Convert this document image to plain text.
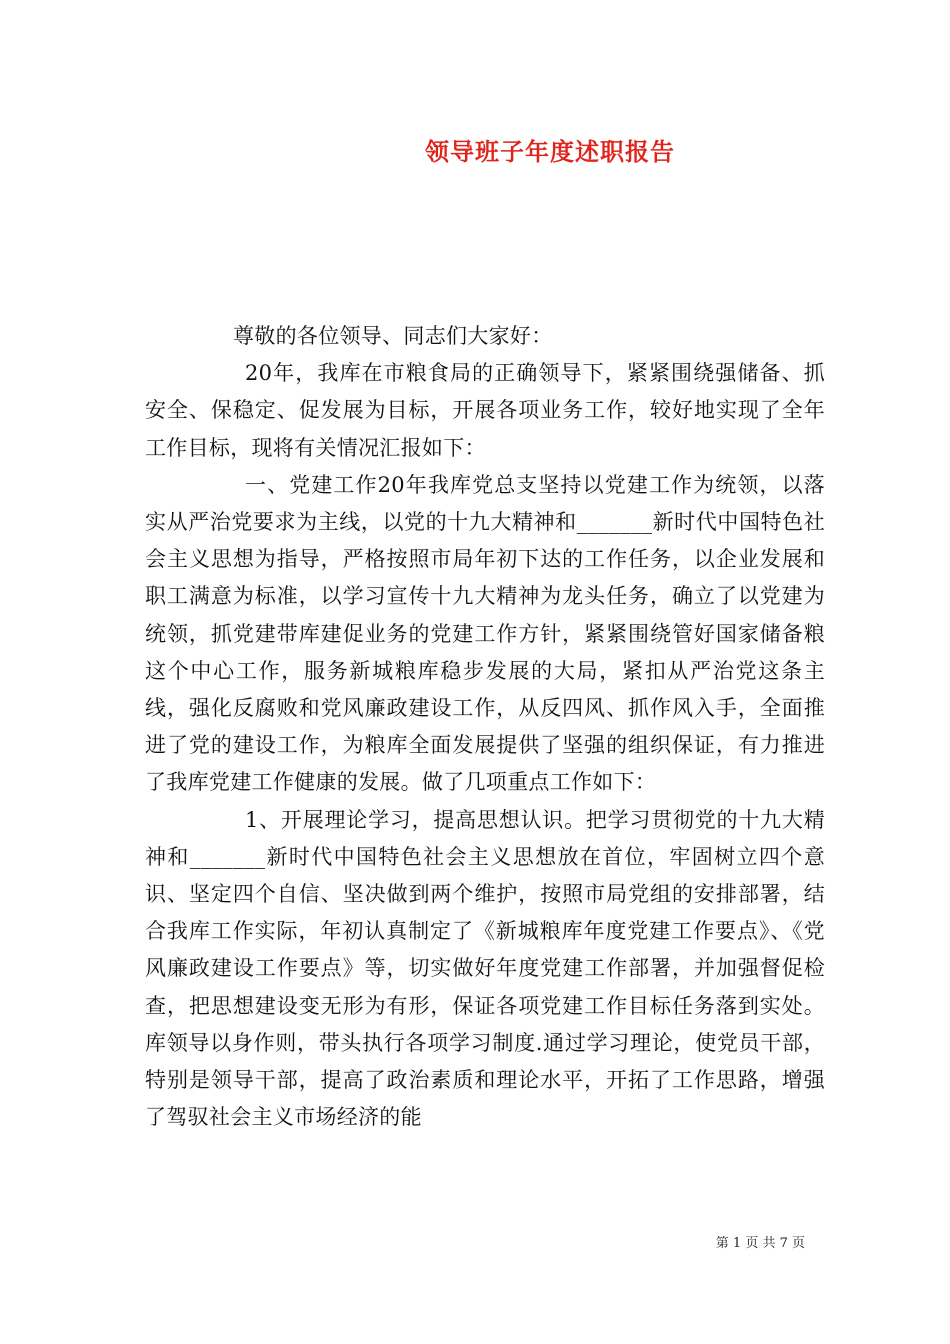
领导班子年度述职报告

尊敬的各位领导、同志们大家好：

20年，我库在市粮食局的正确领导下，紧紧围绕强储备、抓安全、保稳定、促发展为目标，开展各项业务工作，较好地实现了全年工作目标，现将有关情况汇报如下：

一、党建工作20年我库党总支坚持以党建工作为统领，以落实从严治党要求为主线，以党的十九大精神和_______新时代中国特色社会主义思想为指导，严格按照市局年初下达的工作任务，以企业发展和职工满意为标准，以学习宣传十九大精神为龙头任务，确立了以党建为统领，抓党建带库建促业务的党建工作方针，紧紧围绕管好国家储备粮这个中心工作，服务新城粮库稳步发展的大局，紧扣从严治党这条主线，强化反腐败和党风廉政建设工作，从反四风、抓作风入手，全面推进了党的建设工作，为粮库全面发展提供了坚强的组织保证，有力推进了我库党建工作健康的发展。做了几项重点工作如下：

1、开展理论学习，提高思想认识。把学习贯彻党的十九大精神和_______新时代中国特色社会主义思想放在首位，牢固树立四个意识、坚定四个自信、坚决做到两个维护，按照市局党组的安排部署，结合我库工作实际，年初认真制定了《新城粮库年度党建工作要点》、《党风廉政建设工作要点》等，切实做好年度党建工作部署，并加强督促检查，把思想建设变无形为有形，保证各项党建工作目标任务落到实处。库领导以身作则，带头执行各项学习制度.通过学习理论，使党员干部，特别是领导干部，提高了政治素质和理论水平，开拓了工作思路，增强了驾驭社会主义市场经济的能

第 1 页 共 7 页
